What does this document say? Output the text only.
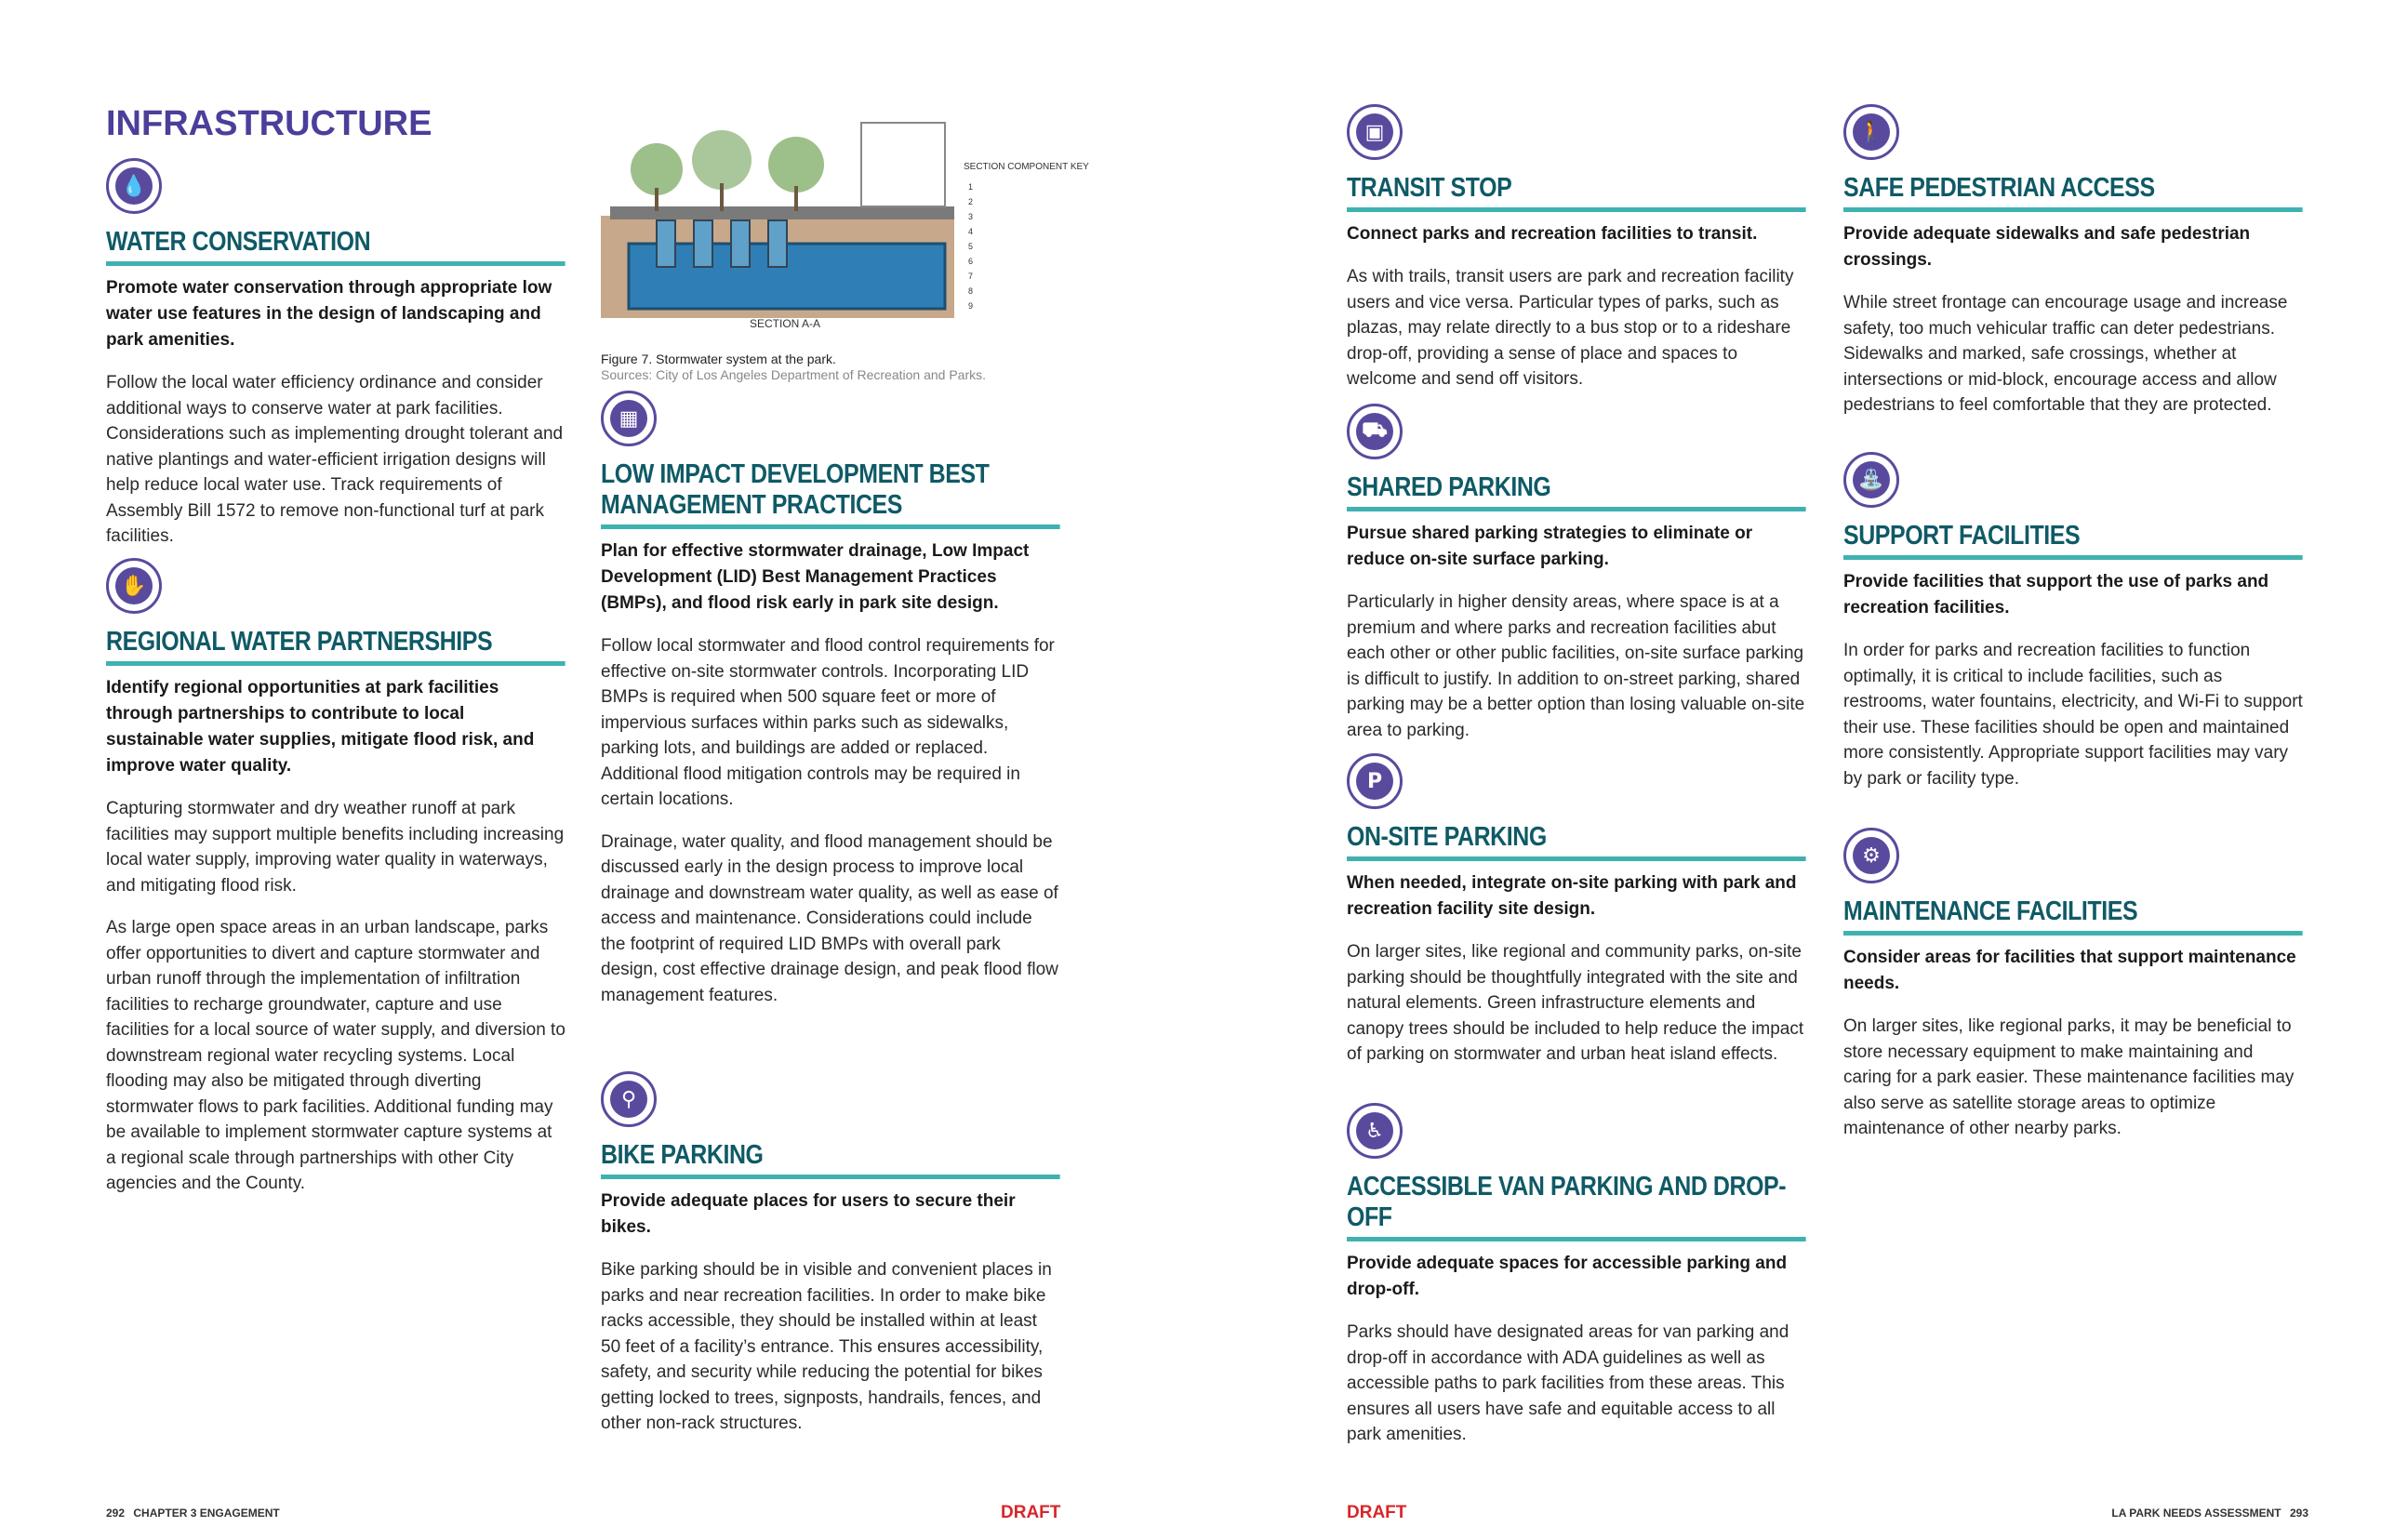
INFRASTRUCTURE
💧
WATER CONSERVATION

Promote water conservation through appropriate low water use features in the design of landscaping and park amenities.

Follow the local water efficiency ordinance and consider additional ways to conserve water at park facilities. Considerations such as implementing drought tolerant and native plantings and water-efficient irrigation designs will help reduce local water use. Track requirements of Assembly Bill 1572 to remove non-functional turf at park facilities.

✋
REGIONAL WATER PARTNERSHIPS

Identify regional opportunities at park facilities through partnerships to contribute to local sustainable water supplies, mitigate flood risk, and improve water quality.

Capturing stormwater and dry weather runoff at park facilities may support multiple benefits including increasing local water supply, improving water quality in waterways, and mitigating flood risk.

As large open space areas in an urban landscape, parks offer opportunities to divert and capture stormwater and urban runoff through the implementation of infiltration facilities to recharge groundwater, capture and use facilities for a local source of water supply, and diversion to downstream regional water recycling systems. Local flooding may also be mitigated through diverting stormwater flows to park facilities. Additional funding may be available to implement stormwater capture systems at a regional scale through partnerships with other City agencies and the County.

SECTION A-A
SECTION COMPONENT KEY
1
2
3
4
5
6
7
8
9
Figure 7. Stormwater system at the park.
Sources: City of Los Angeles Department of Recreation and Parks.
▦
LOW IMPACT DEVELOPMENT BEST MANAGEMENT PRACTICES

Plan for effective stormwater drainage, Low Impact Development (LID) Best Management Practices (BMPs), and flood risk early in park site design.

Follow local stormwater and flood control requirements for effective on-site stormwater controls. Incorporating LID BMPs is required when 500 square feet or more of impervious surfaces within parks such as sidewalks, parking lots, and buildings are added or replaced. Additional flood mitigation controls may be required in certain locations.

Drainage, water quality, and flood management should be discussed early in the design process to improve local drainage and downstream water quality, as well as ease of access and maintenance. Considerations could include the footprint of required LID BMPs with overall park design, cost effective drainage design, and peak flood flow management features.

⚲
BIKE PARKING

Provide adequate places for users to secure their bikes.

Bike parking should be in visible and convenient places in parks and near recreation facilities. In order to make bike racks accessible, they should be installed within at least 50 feet of a facility’s entrance. This ensures accessibility, safety, and security while reducing the potential for bikes getting locked to trees, signposts, handrails, fences, and other non-rack structures.

▣
TRANSIT STOP

Connect parks and recreation facilities to transit.

As with trails, transit users are park and recreation facility users and vice versa. Particular types of parks, such as plazas, may relate directly to a bus stop or to a rideshare drop-off, providing a sense of place and spaces to welcome and send off visitors.

⛟
SHARED PARKING

Pursue shared parking strategies to eliminate or reduce on-site surface parking.

Particularly in higher density areas, where space is at a premium and where parks and recreation facilities abut each other or other public facilities, on-site surface parking is difficult to justify. In addition to on-street parking, shared parking may be a better option than losing valuable on-site area to parking.

P
ON-SITE PARKING

When needed, integrate on-site parking with park and recreation facility site design.

On larger sites, like regional and community parks, on-site parking should be thoughtfully integrated with the site and natural elements. Green infrastructure elements and canopy trees should be included to help reduce the impact of parking on stormwater and urban heat island effects.

♿
ACCESSIBLE VAN PARKING AND DROP-OFF

Provide adequate spaces for accessible parking and drop-off.

Parks should have designated areas for van parking and drop-off in accordance with ADA guidelines as well as accessible paths to park facilities from these areas. This ensures all users have safe and equitable access to all park amenities.

🚶
SAFE PEDESTRIAN ACCESS

Provide adequate sidewalks and safe pedestrian crossings.

While street frontage can encourage usage and increase safety, too much vehicular traffic can deter pedestrians. Sidewalks and marked, safe crossings, whether at intersections or mid-block, encourage access and allow pedestrians to feel comfortable that they are protected.

⛲
SUPPORT FACILITIES

Provide facilities that support the use of parks and recreation facilities.

In order for parks and recreation facilities to function optimally, it is critical to include facilities, such as restrooms, water fountains, electricity, and Wi-Fi to support their use. These facilities should be open and maintained more consistently. Appropriate support facilities may vary by park or facility type.

⚙
MAINTENANCE FACILITIES

Consider areas for facilities that support maintenance needs.

On larger sites, like regional parks, it may be beneficial to store necessary equipment to make maintaining and caring for a park easier. These maintenance facilities may also serve as satellite storage areas to optimize maintenance of other nearby parks.

292 CHAPTER 3 ENGAGEMENT	DRAFT	DRAFT	LA PARK NEEDS ASSESSMENT 293
